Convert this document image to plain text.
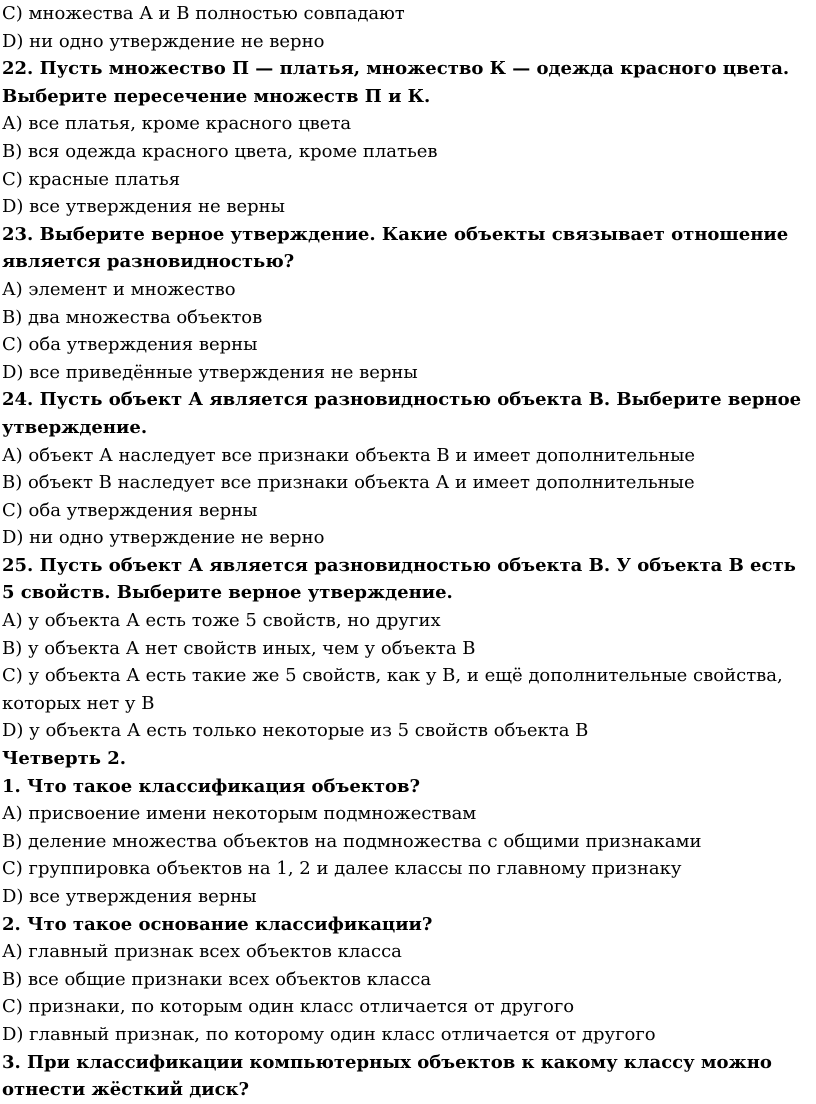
C) множества А и В полностью совпадают

D) ни одно утверждение не верно

22. Пусть множество П — платья, множество К — одежда красного цвета. Выберите пересечение множеств П и К.

А) все платья, кроме красного цвета

В) вся одежда красного цвета, кроме платьев

С) красные платья

D) все утверждения не верны

23. Выберите верное утверждение. Какие объекты связывает отношение является разновидностью?

А) элемент и множество

В) два множества объектов

С) оба утверждения верны

D) все приведённые утверждения не верны

24. Пусть объект А является разновидностью объекта В. Выберите верное утверждение.

А) объект А наследует все признаки объекта В и имеет дополнительные

В) объект В наследует все признаки объекта А и имеет дополнительные

С) оба утверждения верны

D) ни одно утверждение не верно

25. Пусть объект А является разновидностью объекта В. У объекта В есть 5 свойств. Выберите верное утверждение.

А) у объекта А есть тоже 5 свойств, но других

В) у объекта А нет свойств иных, чем у объекта В

С) у объекта А есть такие же 5 свойств, как у В, и ещё дополнительные свойства, которых нет у В

D) у объекта А есть только некоторые из 5 свойств объекта В

Четверть 2.

1. Что такое классификация объектов?

А) присвоение имени некоторым подмножествам

В) деление множества объектов на подмножества с общими признаками

С) группировка объектов на 1, 2 и далее классы по главному признаку

D) все утверждения верны

2. Что такое основание классификации?

А) главный признак всех объектов класса

В) все общие признаки всех объектов класса

С) признаки, по которым один класс отличается от другого

D) главный признак, по которому один класс отличается от другого

3. При классификации компьютерных объектов к какому классу можно отнести жёсткий диск?
